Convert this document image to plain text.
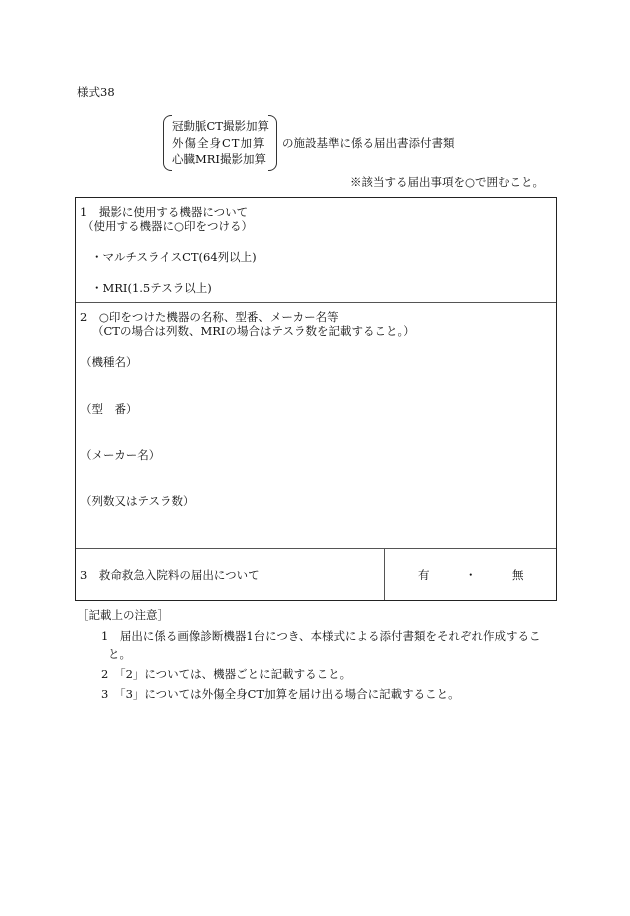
様式38
冠動脈CT撮影加算
外傷全身CT加算
心臓MRI撮影加算
の施設基準に係る届出書添付書類
※該当する届出事項を○で囲むこと。
1　撮影に使用する機器について
（使用する機器に○印をつける）
・マルチスライスCT(64列以上)
・MRI(1.5テスラ以上)
2　○印をつけた機器の名称、型番、メーカー名等
（CTの場合は列数、MRIの場合はテスラ数を記載すること。）
（機種名）
（型　番）
（メーカー名）
（列数又はテスラ数）
3　救命救急入院料の届出について	有	・	無
［記載上の注意］
1　届出に係る画像診断機器1台につき、本様式による添付書類をそれぞれ作成するこ
と。
2　「2」については、機器ごとに記載すること。
3　「3」については外傷全身CT加算を届け出る場合に記載すること。
